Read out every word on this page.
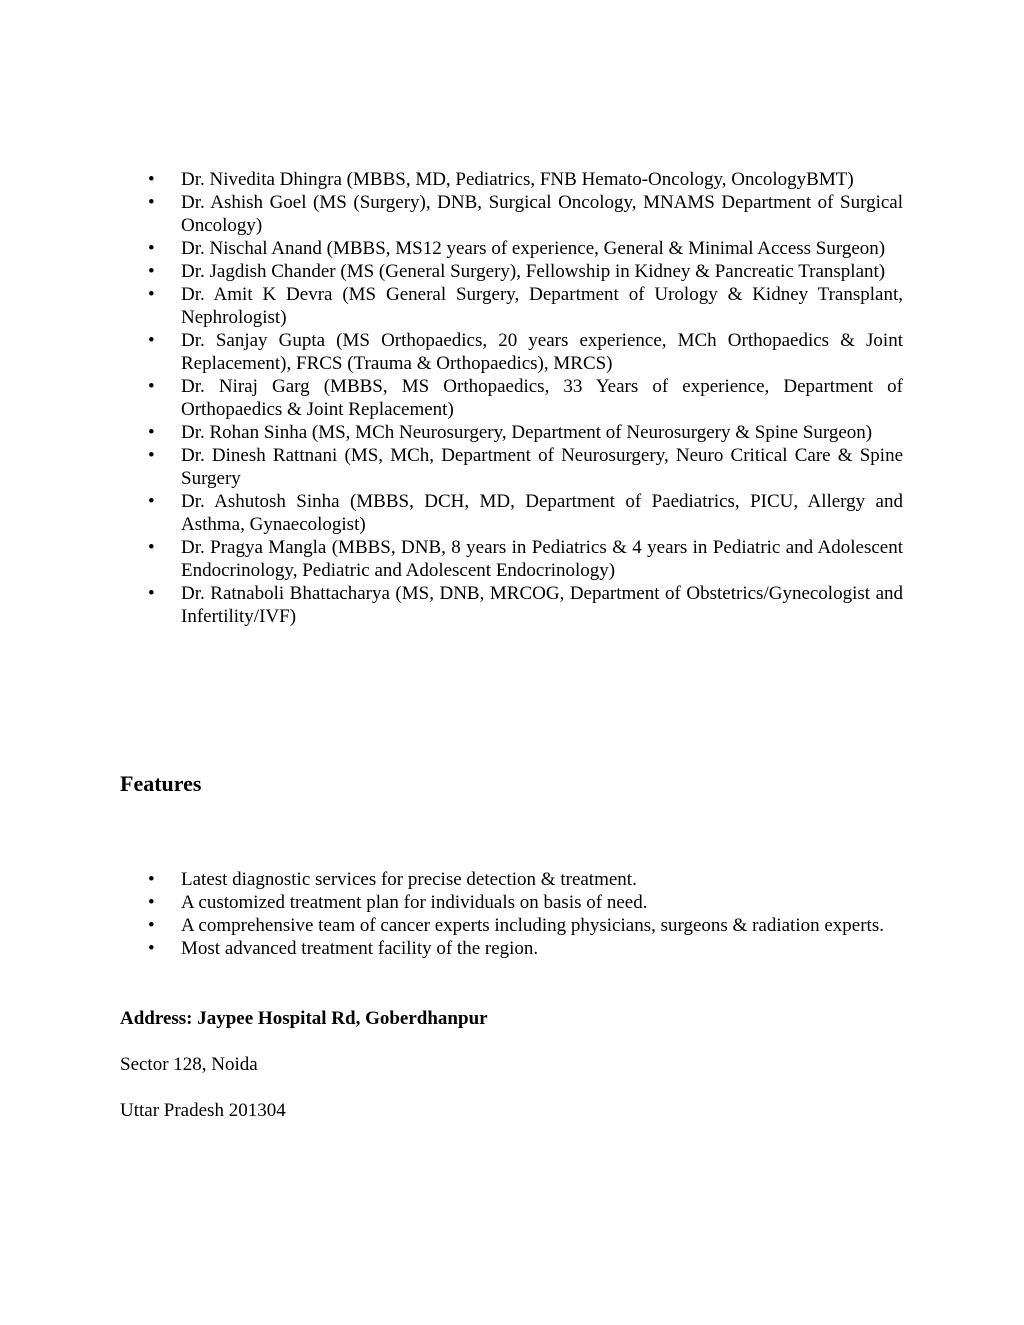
• Dr. Nivedita Dhingra (MBBS, MD, Pediatrics, FNB Hemato-Oncology, OncologyBMT)
• Dr. Ashish Goel (MS (Surgery), DNB, Surgical Oncology, MNAMS Department of Surgical Oncology)
• Dr. Nischal Anand (MBBS, MS12 years of experience, General & Minimal Access Surgeon)
• Dr. Jagdish Chander (MS (General Surgery), Fellowship in Kidney & Pancreatic Transplant)
• Dr. Amit K Devra (MS General Surgery, Department of Urology & Kidney Transplant, Nephrologist)
• Dr. Sanjay Gupta (MS Orthopaedics, 20 years experience, MCh Orthopaedics & Joint Replacement), FRCS (Trauma & Orthopaedics), MRCS)
• Dr. Niraj Garg (MBBS, MS Orthopaedics, 33 Years of experience, Department of Orthopaedics & Joint Replacement)
• Dr. Rohan Sinha (MS, MCh Neurosurgery, Department of Neurosurgery & Spine Surgeon)
• Dr. Dinesh Rattnani (MS, MCh, Department of Neurosurgery, Neuro Critical Care & Spine Surgery
• Dr. Ashutosh Sinha (MBBS, DCH, MD, Department of Paediatrics, PICU, Allergy and Asthma, Gynaecologist)
• Dr. Pragya Mangla (MBBS, DNB, 8 years in Pediatrics & 4 years in Pediatric and Adolescent Endocrinology, Pediatric and Adolescent Endocrinology)
• Dr. Ratnaboli Bhattacharya (MS, DNB, MRCOG, Department of Obstetrics/Gynecologist and Infertility/IVF)
Features
• Latest diagnostic services for precise detection & treatment.
• A customized treatment plan for individuals on basis of need.
• A comprehensive team of cancer experts including physicians, surgeons & radiation experts.
• Most advanced treatment facility of the region.

Address: Jaypee Hospital Rd, Goberdhanpur

Sector 128, Noida

Uttar Pradesh 201304
